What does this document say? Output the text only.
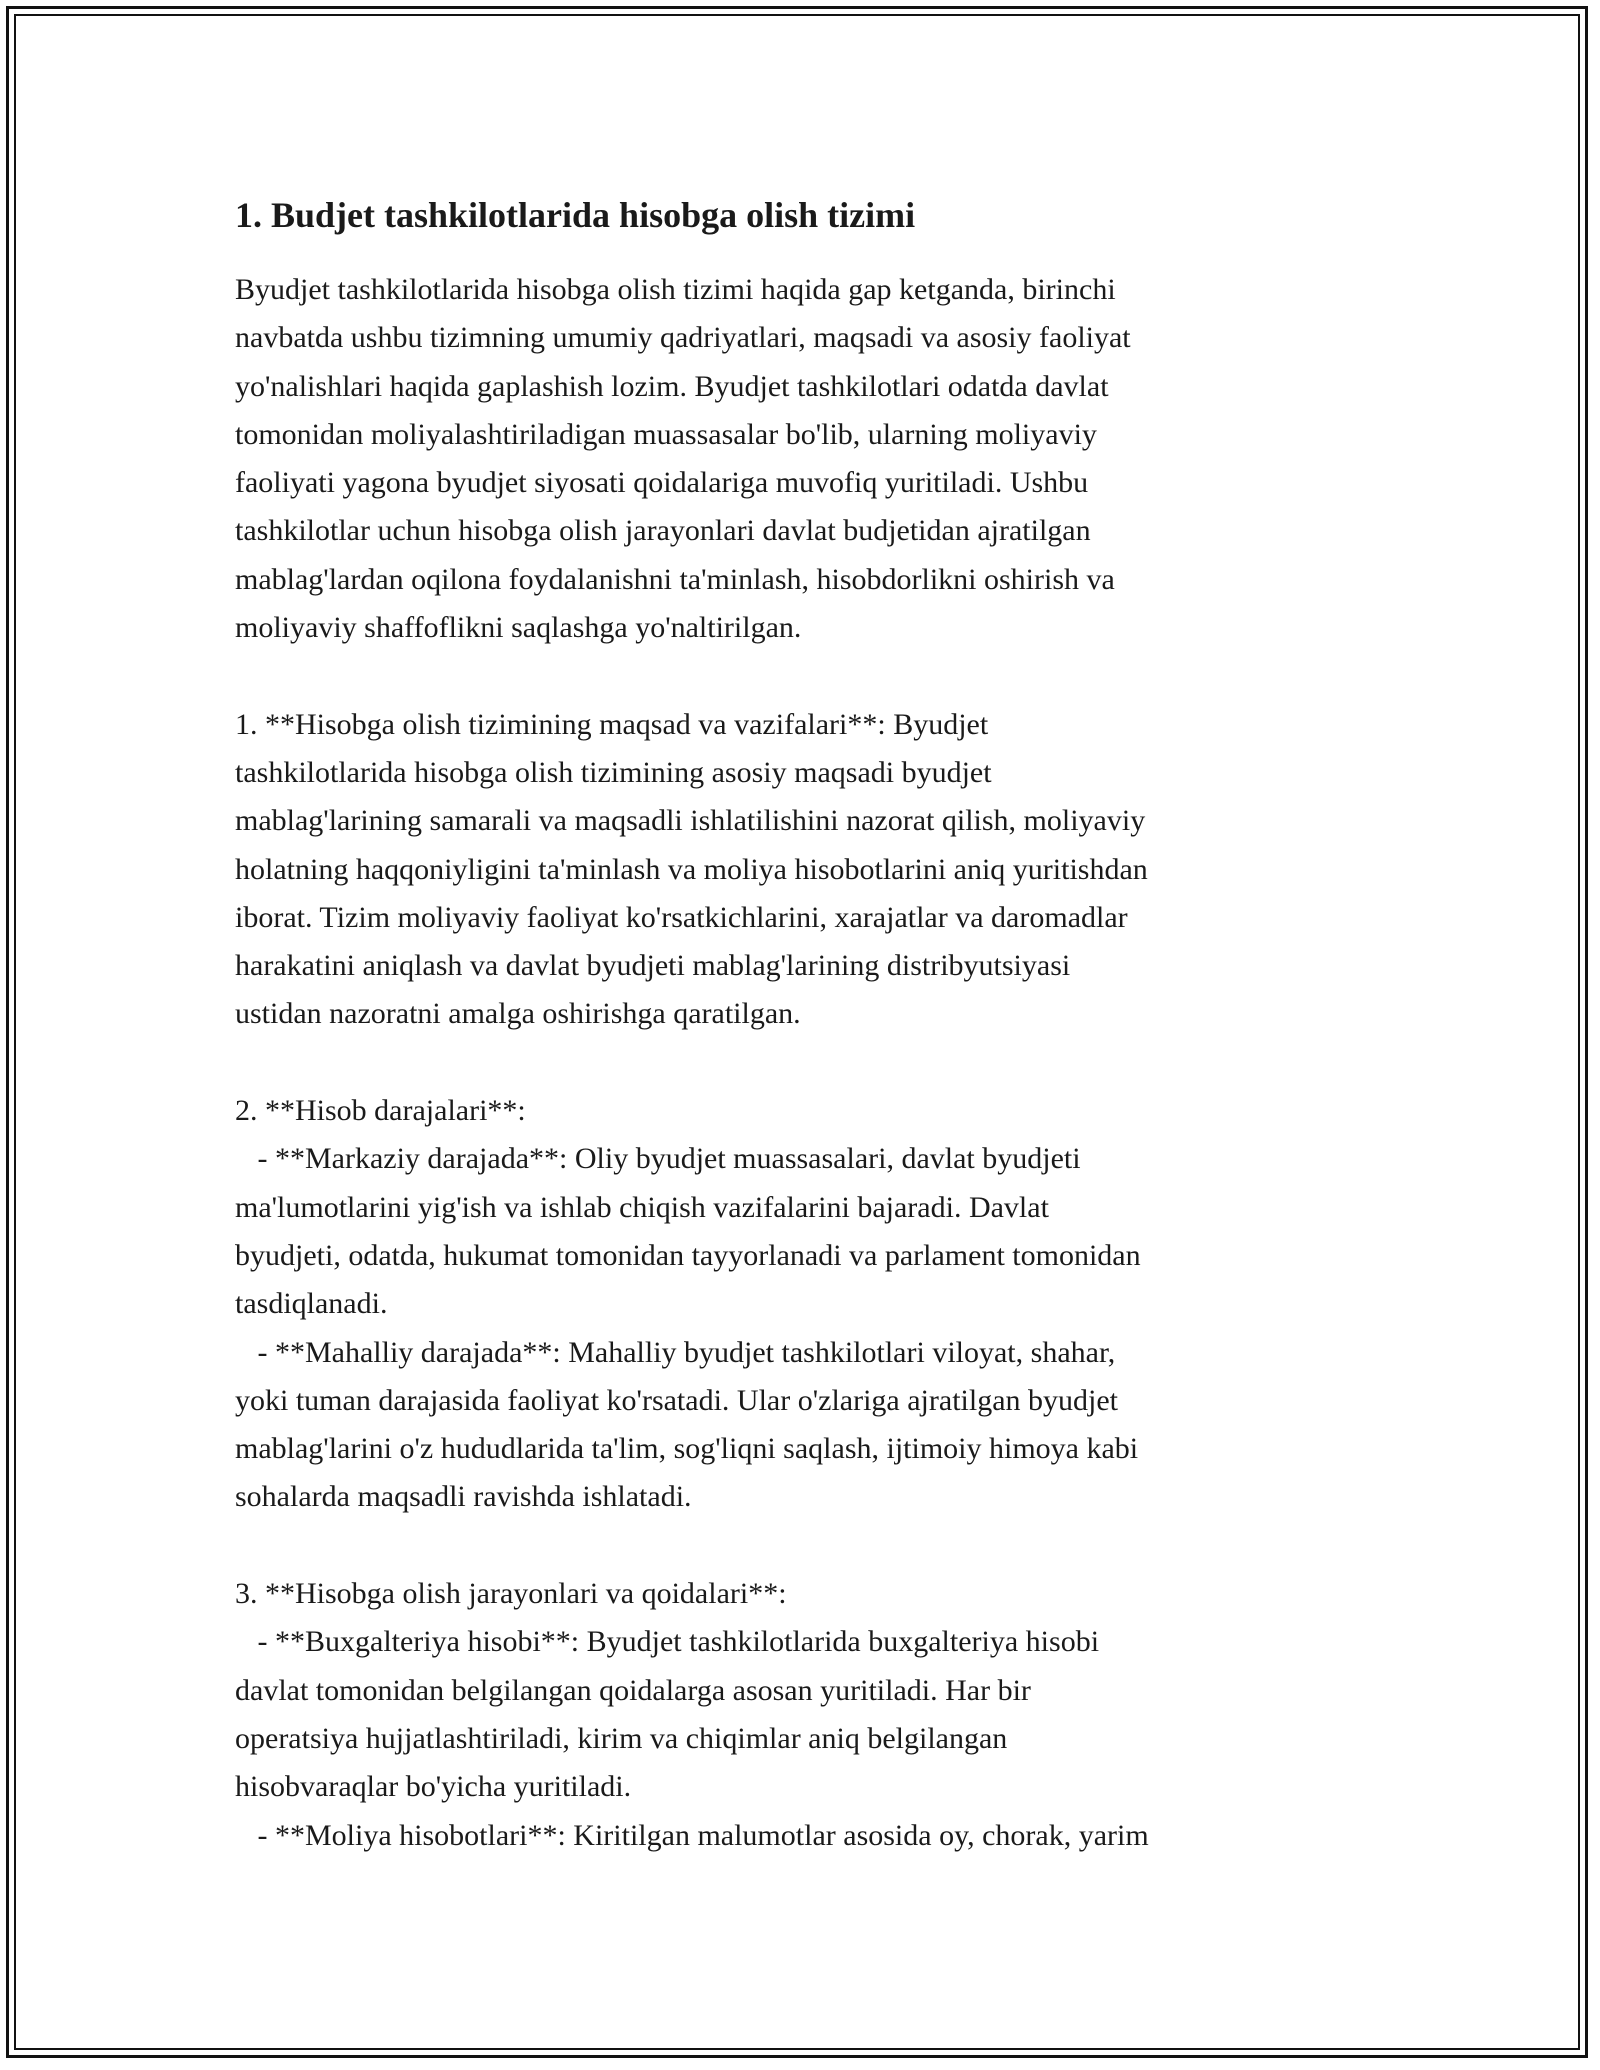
1. Budjet tashkilotlarida hisobga olish tizimi

Byudjet tashkilotlarida hisobga olish tizimi haqida gap ketganda, birinchi
navbatda ushbu tizimning umumiy qadriyatlari, maqsadi va asosiy faoliyat
yo'nalishlari haqida gaplashish lozim. Byudjet tashkilotlari odatda davlat
tomonidan moliyalashtiriladigan muassasalar bo'lib, ularning moliyaviy
faoliyati yagona byudjet siyosati qoidalariga muvofiq yuritiladi. Ushbu
tashkilotlar uchun hisobga olish jarayonlari davlat budjetidan ajratilgan
mablag'lardan oqilona foydalanishni ta'minlash, hisobdorlikni oshirish va
moliyaviy shaffoflikni saqlashga yo'naltirilgan.

1. **Hisobga olish tizimining maqsad va vazifalari**: Byudjet
tashkilotlarida hisobga olish tizimining asosiy maqsadi byudjet
mablag'larining samarali va maqsadli ishlatilishini nazorat qilish, moliyaviy
holatning haqqoniyligini ta'minlash va moliya hisobotlarini aniq yuritishdan
iborat. Tizim moliyaviy faoliyat ko'rsatkichlarini, xarajatlar va daromadlar
harakatini aniqlash va davlat byudjeti mablag'larining distribyutsiyasi
ustidan nazoratni amalga oshirishga qaratilgan.

2. **Hisob darajalari**:
- **Markaziy darajada**: Oliy byudjet muassasalari, davlat byudjeti
ma'lumotlarini yig'ish va ishlab chiqish vazifalarini bajaradi. Davlat
byudjeti, odatda, hukumat tomonidan tayyorlanadi va parlament tomonidan
tasdiqlanadi.
- **Mahalliy darajada**: Mahalliy byudjet tashkilotlari viloyat, shahar,
yoki tuman darajasida faoliyat ko'rsatadi. Ular o'zlariga ajratilgan byudjet
mablag'larini o'z hududlarida ta'lim, sog'liqni saqlash, ijtimoiy himoya kabi
sohalarda maqsadli ravishda ishlatadi.

3. **Hisobga olish jarayonlari va qoidalari**:
- **Buxgalteriya hisobi**: Byudjet tashkilotlarida buxgalteriya hisobi
davlat tomonidan belgilangan qoidalarga asosan yuritiladi. Har bir
operatsiya hujjatlashtiriladi, kirim va chiqimlar aniq belgilangan
hisobvaraqlar bo'yicha yuritiladi.
- **Moliya hisobotlari**: Kiritilgan malumotlar asosida oy, chorak, yarim
